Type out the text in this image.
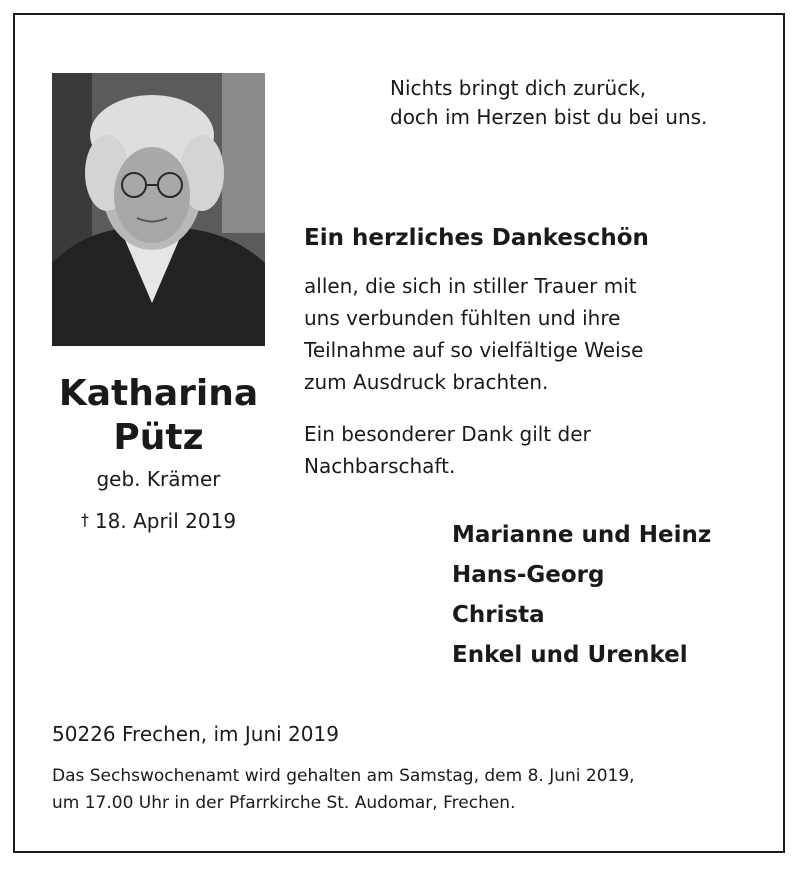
Nichts bringt dich zurück,
doch im Herzen bist du bei uns.
Ein herzliches Dankeschön
allen, die sich in stiller Trauer mit
uns verbunden fühlten und ihre
Teilnahme auf so vielfältige Weise
zum Ausdruck brachten.
Ein besonderer Dank gilt der
Nachbarschaft.
Katharina
Pütz
geb. Krämer
† 18. April 2019
Marianne und Heinz
Hans-Georg
Christa
Enkel und Urenkel
50226 Frechen, im Juni 2019
Das Sechswochenamt wird gehalten am Samstag, dem 8. Juni 2019,
um 17.00 Uhr in der Pfarrkirche St. Audomar, Frechen.
